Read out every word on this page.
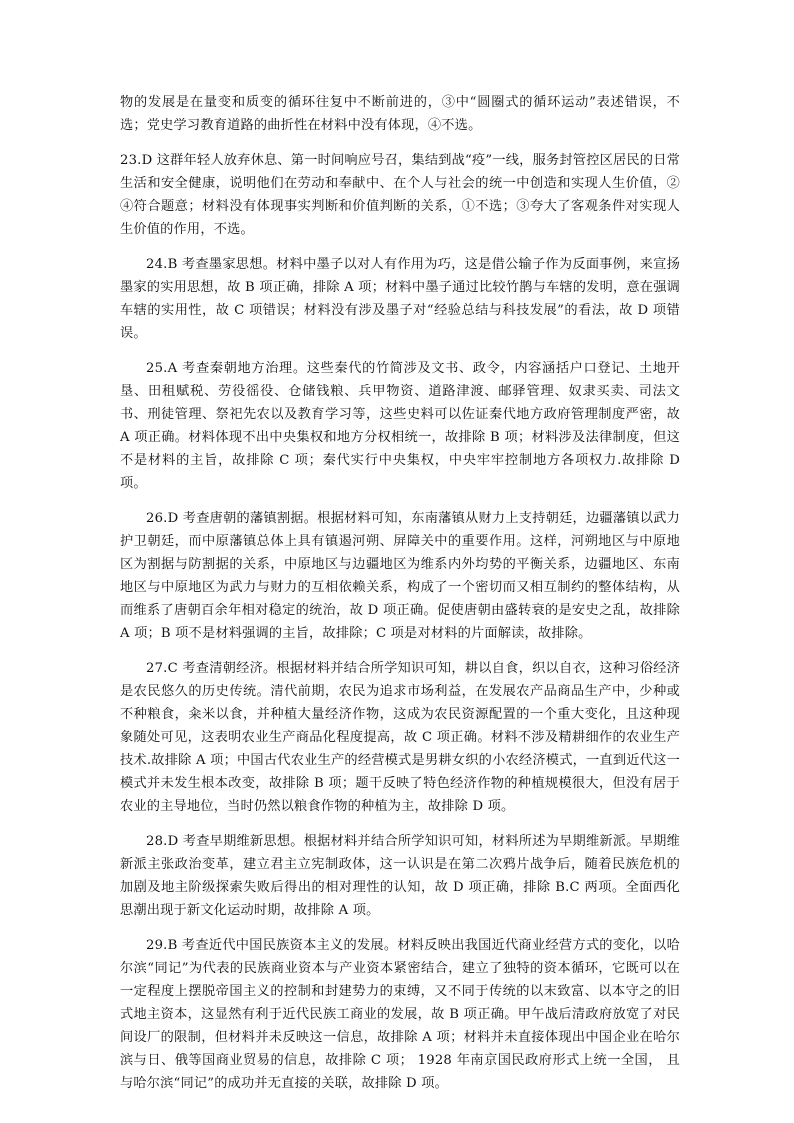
物的发展是在量变和质变的循环往复中不断前进的，③中“圆圈式的循环运动”表述错误，不选；党史学习教育道路的曲折性在材料中没有体现，④不选。

23.D 这群年轻人放弃休息、第一时间响应号召，集结到战“疫”一线，服务封管控区居民的日常生活和安全健康，说明他们在劳动和奉献中、在个人与社会的统一中创造和实现人生价值，②④符合题意；材料没有体现事实判断和价值判断的关系，①不选；③夸大了客观条件对实现人生价值的作用，不选。

24.B 考查墨家思想。材料中墨子以对人有作用为巧，这是借公输子作为反面事例，来宣扬墨家的实用思想，故 B 项正确，排除 A 项；材料中墨子通过比较竹鹊与车辖的发明，意在强调车辖的实用性，故 C 项错误；材料没有涉及墨子对“经验总结与科技发展”的看法，故 D 项错误。

25.A 考查秦朝地方治理。这些秦代的竹简涉及文书、政令，内容涵括户口登记、土地开垦、田租赋税、劳役徭役、仓储钱粮、兵甲物资、道路津渡、邮驿管理、奴隶买卖、司法文书、刑徒管理、祭祀先农以及教育学习等，这些史料可以佐证秦代地方政府管理制度严密，故 A 项正确。材料体现不出中央集权和地方分权相统一，故排除 B 项；材料涉及法律制度，但这不是材料的主旨，故排除 C 项；秦代实行中央集权，中央牢牢控制地方各项权力.故排除 D 项。

26.D 考查唐朝的藩镇割据。根据材料可知，东南藩镇从财力上支持朝廷，边疆藩镇以武力护卫朝廷，而中原藩镇总体上具有镇遏河朔、屏障关中的重要作用。这样，河朔地区与中原地区为割据与防割据的关系，中原地区与边疆地区为维系内外均势的平衡关系，边疆地区、东南地区与中原地区为武力与财力的互相依赖关系，构成了一个密切而又相互制约的整体结构，从而维系了唐朝百余年相对稳定的统治，故 D 项正确。促使唐朝由盛转衰的是安史之乱，故排除 A 项；B 项不是材料强调的主旨，故排除；C 项是对材料的片面解读，故排除。

27.C 考查清朝经济。根据材料并结合所学知识可知，耕以自食，织以自衣，这种习俗经济是农民悠久的历史传统。清代前期，农民为追求市场利益，在发展农产品商品生产中，少种或不种粮食，籴米以食，并种植大量经济作物，这成为农民资源配置的一个重大变化，且这种现象随处可见，这表明农业生产商品化程度提高，故 C 项正确。材料不涉及精耕细作的农业生产技术.故排除 A 项；中国古代农业生产的经营模式是男耕女织的小农经济模式，一直到近代这一模式并未发生根本改变，故排除 B 项；题干反映了特色经济作物的种植规模很大，但没有居于农业的主导地位，当时仍然以粮食作物的种植为主，故排除 D 项。

28.D 考查早期维新思想。根据材料并结合所学知识可知，材料所述为早期维新派。早期维新派主张政治变革，建立君主立宪制政体，这一认识是在第二次鸦片战争后，随着民族危机的加剧及地主阶级探索失败后得出的相对理性的认知，故 D 项正确，排除 B.C 两项。全面西化思潮出现于新文化运动时期，故排除 A 项。

29.B 考查近代中国民族资本主义的发展。材料反映出我国近代商业经营方式的变化，以哈尔滨“同记”为代表的民族商业资本与产业资本紧密结合，建立了独特的资本循环，它既可以在一定程度上摆脱帝国主义的控制和封建势力的束缚，又不同于传统的以末致富、以本守之的旧式地主资本，这显然有利于近代民族工商业的发展，故 B 项正确。甲午战后清政府放宽了对民间设厂的限制，但材料并未反映这一信息，故排除 A 项；材料并未直接体现出中国企业在哈尔滨与日、俄等国商业贸易的信息，故排除 C 项； 1928 年南京国民政府形式上统一全国， 且与哈尔滨“同记”的成功并无直接的关联，故排除 D 项。
